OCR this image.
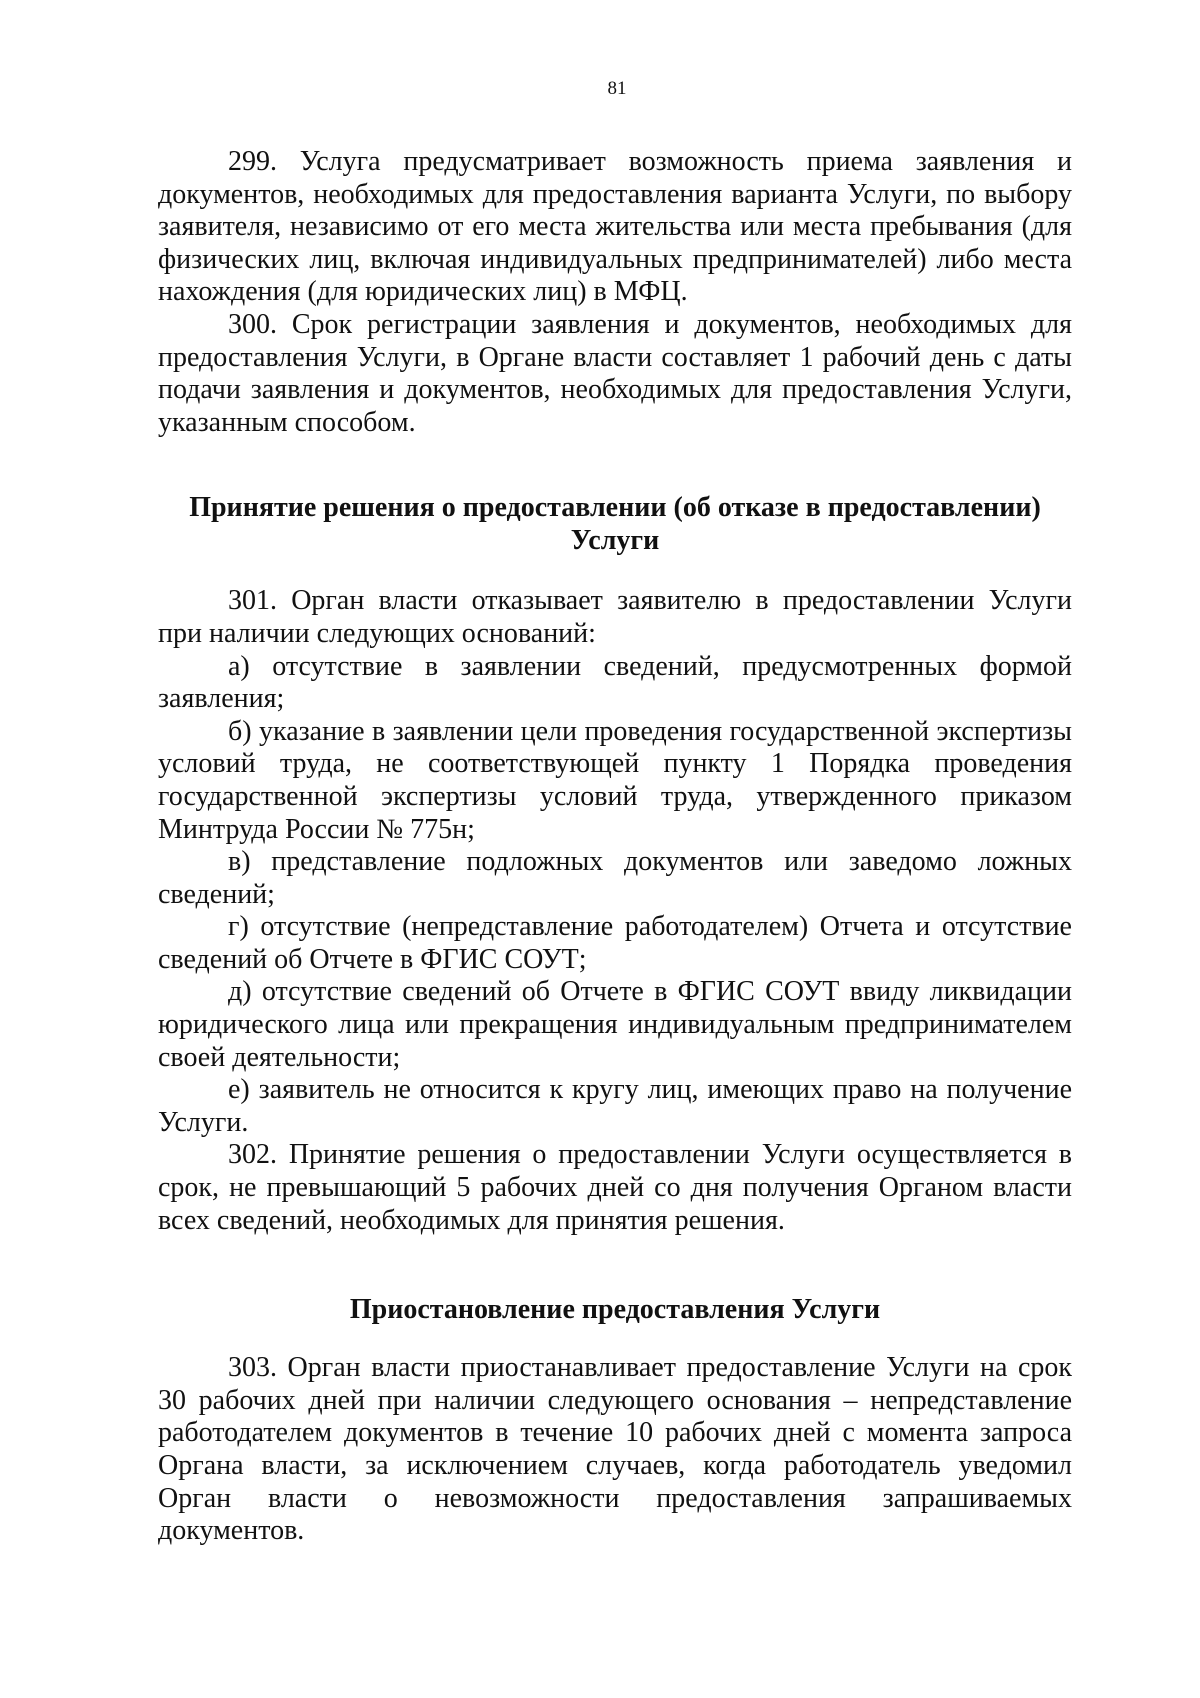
81

299. Услуга предусматривает возможность приема заявления и документов, необходимых для предоставления варианта Услуги, по выбору заявителя, независимо от его места жительства или места пребывания (для физических лиц, включая индивидуальных предпринимателей) либо места нахождения (для юридических лиц) в МФЦ.

300. Срок регистрации заявления и документов, необходимых для предоставления Услуги, в Органе власти составляет 1 рабочий день с даты подачи заявления и документов, необходимых для предоставления Услуги, указанным способом.

Принятие решения о предоставлении (об отказе в предоставлении) Услуги

301. Орган власти отказывает заявителю в предоставлении Услуги при наличии следующих оснований:

а) отсутствие в заявлении сведений, предусмотренных формой заявления;

б) указание в заявлении цели проведения государственной экспертизы условий труда, не соответствующей пункту 1 Порядка проведения государственной экспертизы условий труда, утвержденного приказом Минтруда России № 775н;

в) представление подложных документов или заведомо ложных сведений;

г) отсутствие (непредставление работодателем) Отчета и отсутствие сведений об Отчете в ФГИС СОУТ;

д) отсутствие сведений об Отчете в ФГИС СОУТ ввиду ликвидации юридического лица или прекращения индивидуальным предпринимателем своей деятельности;

е) заявитель не относится к кругу лиц, имеющих право на получение Услуги.

302. Принятие решения о предоставлении Услуги осуществляется в срок, не превышающий 5 рабочих дней со дня получения Органом власти всех сведений, необходимых для принятия решения.

Приостановление предоставления Услуги

303. Орган власти приостанавливает предоставление Услуги на срок 30 рабочих дней при наличии следующего основания – непредставление работодателем документов в течение 10 рабочих дней с момента запроса Органа власти, за исключением случаев, когда работодатель уведомил Орган власти о невозможности предоставления запрашиваемых документов.
